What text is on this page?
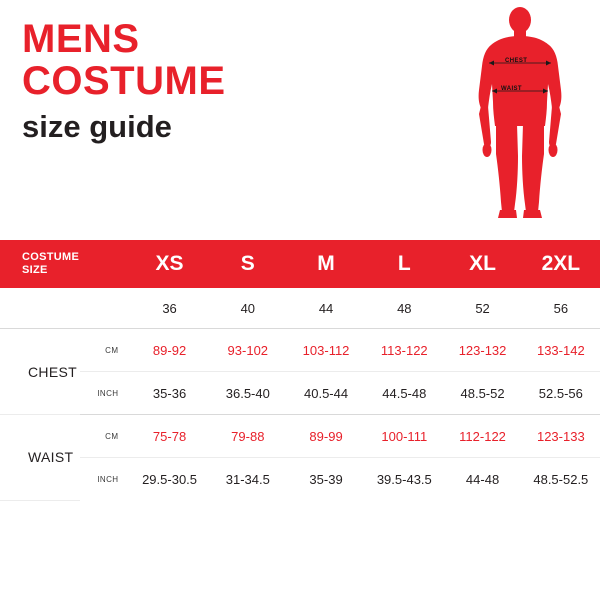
MENS
COSTUME
size guide
CHEST
WAIST
COSTUME
SIZE		XS	S	M	L	XL	2XL
		36	40	44	48	52	56
CHEST	CM	89-92	93-102	103-112	113-122	123-132	133-142
	INCH	35-36	36.5-40	40.5-44	44.5-48	48.5-52	52.5-56
WAIST	CM	75-78	79-88	89-99	100-111	112-122	123-133
	INCH	29.5-30.5	31-34.5	35-39	39.5-43.5	44-48	48.5-52.5
